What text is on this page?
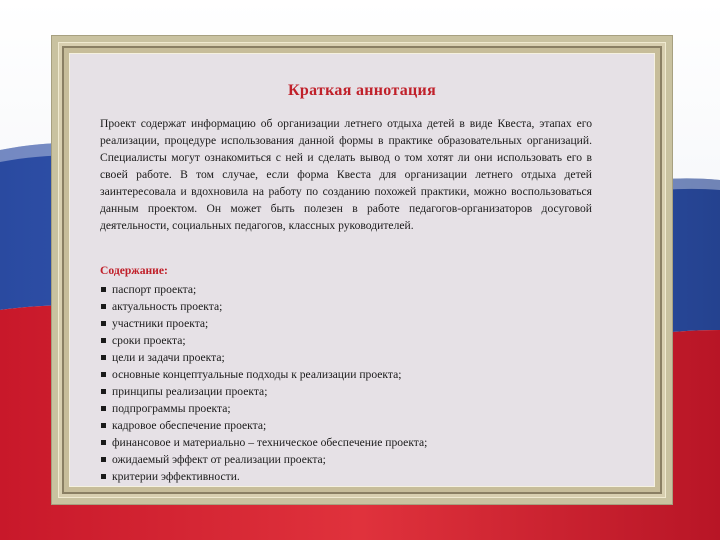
Краткая аннотация

Проект содержат информацию об организации летнего отдыха детей в виде Квеста, этапах его реализации, процедуре использования данной формы в практике образовательных организаций. Специалисты могут ознакомиться с ней и сделать вывод о том хотят ли они использовать его в своей работе. В том случае, если форма Квеста для организации летнего отдыха детей заинтересовала и вдохновила на работу по созданию похожей практики, можно воспользоваться данным проектом. Он может быть полезен в работе педагогов-организаторов досуговой деятельности, социальных педагогов, классных руководителей.

Содержание:

паспорт проекта;
актуальность проекта;
участники проекта;
сроки проекта;
цели и задачи проекта;
основные концептуальные подходы к реализации проекта;
принципы реализации проекта;
подпрограммы проекта;
кадровое обеспечение проекта;
финансовое и материально – техническое обеспечение проекта;
ожидаемый эффект от реализации проекта;
критерии эффективности.
